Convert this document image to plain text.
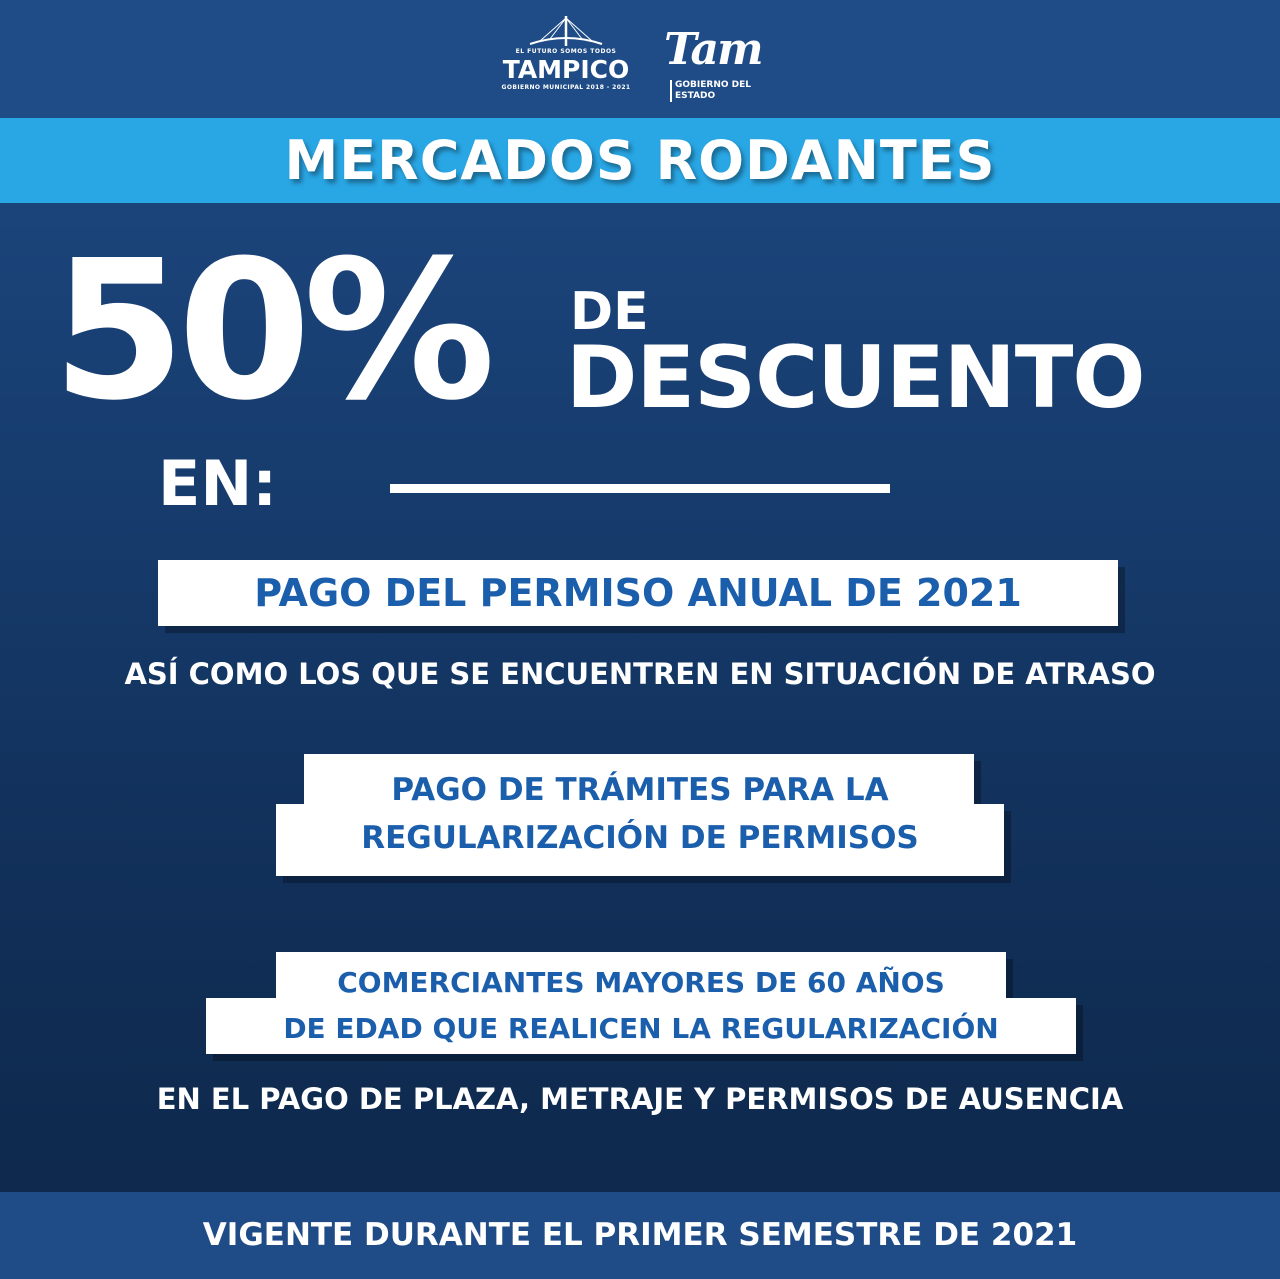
EL FUTURO SOMOS TODOS
TAMPICO
GOBIERNO MUNICIPAL 2018 - 2021
Tam
GOBIERNO DEL ESTADO
MERCADOS RODANTES
50% DE
DESCUENTO
EN:
PAGO DEL PERMISO ANUAL DE 2021
ASÍ COMO LOS QUE SE ENCUENTREN EN SITUACIÓN DE ATRASO
PAGO DE TRÁMITES PARA LA
REGULARIZACIÓN DE PERMISOS
COMERCIANTES MAYORES DE 60 AÑOS
DE EDAD QUE REALICEN LA REGULARIZACIÓN
EN EL PAGO DE PLAZA, METRAJE Y PERMISOS DE AUSENCIA
VIGENTE DURANTE EL PRIMER SEMESTRE DE 2021
